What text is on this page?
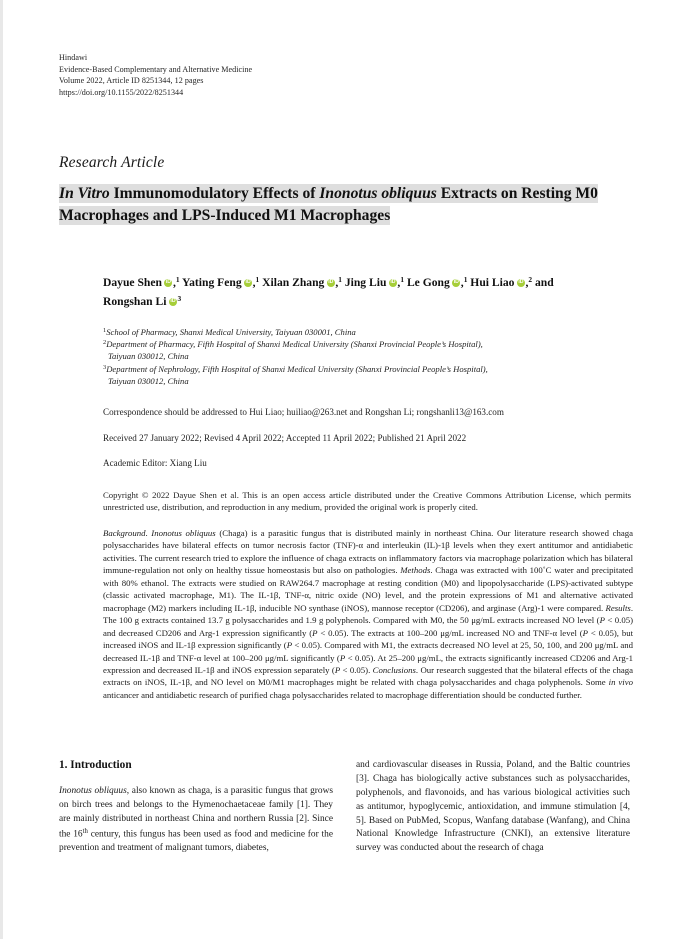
Hindawi
Evidence-Based Complementary and Alternative Medicine
Volume 2022, Article ID 8251344, 12 pages
https://doi.org/10.1155/2022/8251344
Research Article
In Vitro Immunomodulatory Effects of Inonotus obliquus Extracts on Resting M0 Macrophages and LPS-Induced M1 Macrophages
Dayue Shen iD ,$^1$ Yating Feng iD ,$^1$ Xilan Zhang iD ,$^1$ Jing Liu iD ,$^1$ Le GongiD ,$^1$ Hui Liao iD ,$^2$ and Rongshan Li iD $^3$
$^1$School of Pharmacy, Shanxi Medical University, Taiyuan 030001, China
$^2$Department of Pharmacy, Fifth Hospital of Shanxi Medical University (Shanxi Provincial People’s Hospital),
Taiyuan 030012, China
$^3$Department of Nephrology, Fifth Hospital of Shanxi Medical University (Shanxi Provincial People’s Hospital),
Taiyuan 030012, China
Correspondence should be addressed to Hui Liao; huiliao@263.net and Rongshan Li; rongshanli13@163.com
Received 27 January 2022; Revised 4 April 2022; Accepted 11 April 2022; Published 21 April 2022
Academic Editor: Xiang Liu
Copyright © 2022 Dayue Shen et al. This is an open access article distributed under the Creative Commons Attribution License, which permits unrestricted use, distribution, and reproduction in any medium, provided the original work is properly cited.
Background. Inonotus obliquus (Chaga) is a parasitic fungus that is distributed mainly in northeast China. Our literature research showed chaga polysaccharides have bilateral effects on tumor necrosis factor (TNF)-α and interleukin (IL)-1β levels when they exert antitumor and antidiabetic activities. The current research tried to explore the influence of chaga extracts on inflammatory factors via macrophage polarization which has bilateral immune-regulation not only on healthy tissue homeostasis but also on pathologies. Methods. Chaga was extracted with 100˚C water and precipitated with 80% ethanol. The extracts were studied on RAW264.7 macrophage at resting condition (M0) and lipopolysaccharide (LPS)-activated subtype (classic activated macrophage, M1). The IL-1β, TNF-α, nitric oxide (NO) level, and the protein expressions of M1 and alternative activated macrophage (M2) markers including IL-1β, inducible NO synthase (iNOS), mannose receptor (CD206), and arginase (Arg)-1 were compared. Results. The 100 g extracts contained 13.7 g polysaccharides and 1.9 g polyphenols. Compared with M0, the 50 μg/mL extracts increased NO level (P < 0.05) and decreased CD206 and Arg-1 expression significantly (P < 0.05). The extracts at 100–200 μg/mL increased NO and TNF-α level (P < 0.05), but increased iNOS and IL-1β expression significantly (P < 0.05). Compared with M1, the extracts decreased NO level at 25, 50, 100, and 200 μg/mL and decreased IL-1β and TNF-α level at 100–200 μg/mL significantly (P < 0.05). At 25–200 μg/mL, the extracts significantly increased CD206 and Arg-1 expression and decreased IL-1β and iNOS expression separately (P < 0.05). Conclusions. Our research suggested that the bilateral effects of the chaga extracts on iNOS, IL-1β, and NO level on M0/M1 macrophages might be related with chaga polysaccharides and chaga polyphenols. Some in vivo anticancer and antidiabetic research of purified chaga polysaccharides related to macrophage differentiation should be conducted further.
1. Introduction
Inonotus obliquus, also known as chaga, is a parasitic fungus that grows on birch trees and belongs to the Hymenochaetaceae family [1]. They are mainly distributed in northeast China and northern Russia [2]. Since the 16th century, this fungus has been used as food and medicine for the prevention and treatment of malignant tumors, diabetes,
and cardiovascular diseases in Russia, Poland, and the Baltic countries [3]. Chaga has biologically active substances such as polysaccharides, polyphenols, and flavonoids, and has various biological activities such as antitumor, hypoglycemic, antioxidation, and immune stimulation [4, 5]. Based on PubMed, Scopus, Wanfang database (Wanfang), and China National Knowledge Infrastructure (CNKI), an extensive literature survey was conducted about the research of chaga
